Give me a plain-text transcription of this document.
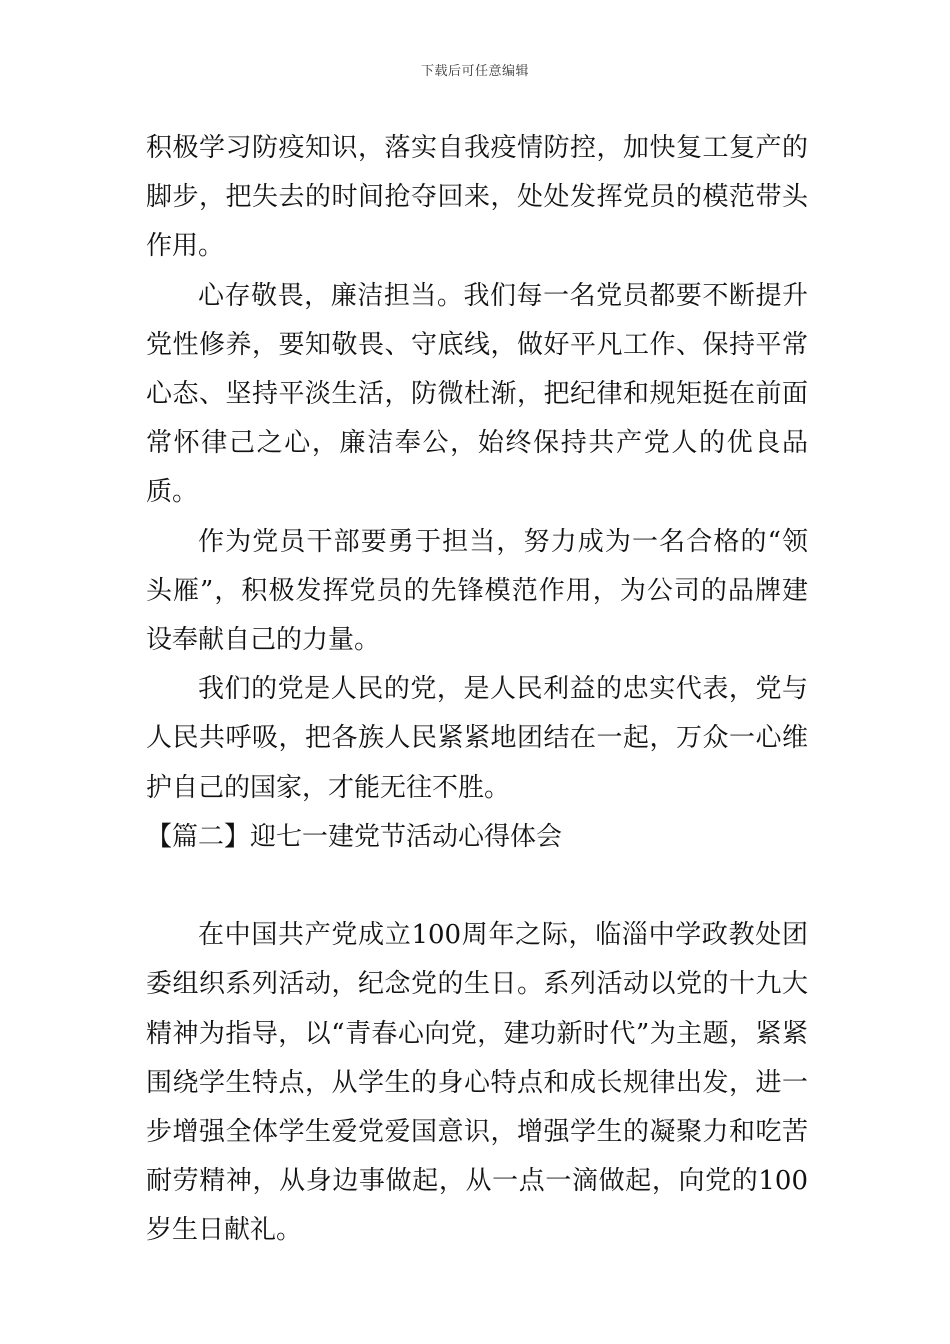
下载后可任意编辑

积极学习防疫知识，落实自我疫情防控，加快复工复产的脚步，把失去的时间抢夺回来，处处发挥党员的模范带头作用。

心存敬畏，廉洁担当。我们每一名党员都要不断提升党性修养，要知敬畏、守底线，做好平凡工作、保持平常心态、坚持平淡生活，防微杜渐，把纪律和规矩挺在前面常怀律己之心，廉洁奉公，始终保持共产党人的优良品质。

作为党员干部要勇于担当，努力成为一名合格的“领头雁”，积极发挥党员的先锋模范作用，为公司的品牌建设奉献自己的力量。

我们的党是人民的党，是人民利益的忠实代表，党与人民共呼吸，把各族人民紧紧地团结在一起，万众一心维护自己的国家，才能无往不胜。

【篇二】迎七一建党节活动心得体会

在中国共产党成立100周年之际，临淄中学政教处团委组织系列活动，纪念党的生日。系列活动以党的十九大精神为指导，以“青春心向党，建功新时代”为主题，紧紧围绕学生特点，从学生的身心特点和成长规律出发，进一步增强全体学生爱党爱国意识，增强学生的凝聚力和吃苦耐劳精神，从身边事做起，从一点一滴做起，向党的100岁生日献礼。
